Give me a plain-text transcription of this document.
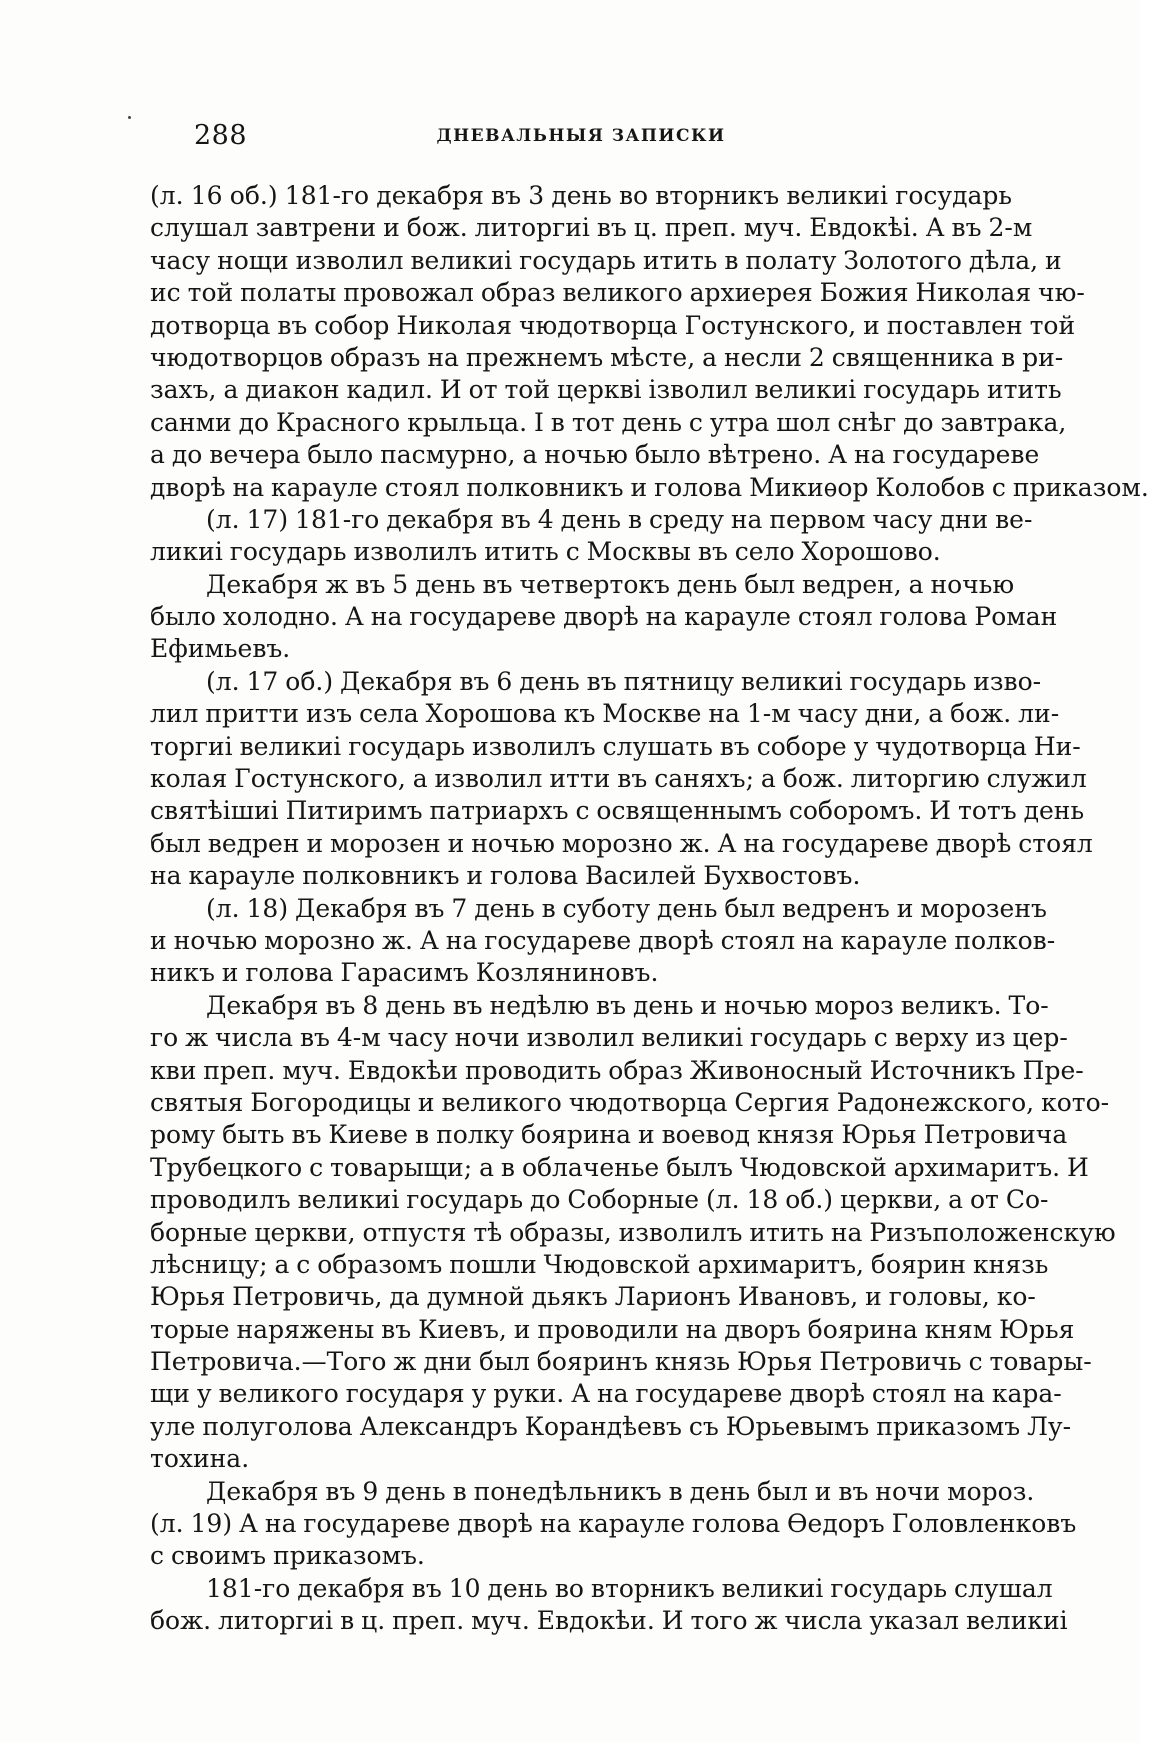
288	ДНЕВАЛЬНЫЯ ЗАПИСКИ
(л. 16 об.) 181-го декабря въ 3 день во вторникъ великиі государь
слушал завтрени и бож. литоргиі въ ц. преп. муч. Евдокѣі. А въ 2-м
часу нощи изволил великиі государь итить в полату Золотого дѣла, и
ис той полаты провожал образ великого архиерея Божия Николая чю-
дотворца въ собор Николая чюдотворца Гостунского, и поставлен той
чюдотворцов образъ на прежнемъ мѣсте, а несли 2 священника в ри-
захъ, а диакон кадил. И от той церкві ізволил великиі государь итить
санми до Красного крыльца. І в тот день с утра шол снѣг до завтрака,
а до вечера было пасмурно, а ночью было вѣтрено. А на государеве
дворѣ на карауле стоял полковникъ и голова Микиѳор Колобов с приказом.
(л. 17) 181-го декабря въ 4 день в среду на первом часу дни ве-
ликиі государь изволилъ итить с Москвы въ село Хорошово.
Декабря ж въ 5 день въ четвертокъ день был ведрен, а ночью
было холодно. А на государеве дворѣ на карауле стоял голова Роман
Ефимьевъ.
(л. 17 об.) Декабря въ 6 день въ пятницу великиі государь изво-
лил притти изъ села Хорошова къ Москве на 1-м часу дни, а бож. ли-
торгиі великиі государь изволилъ слушать въ соборе у чудотворца Ни-
колая Гостунского, а изволил итти въ саняхъ; а бож. литоргию служил
святѣішиі Питиримъ патриархъ с освященнымъ соборомъ. И тотъ день
был ведрен и морозен и ночью морозно ж. А на государеве дворѣ стоял
на карауле полковникъ и голова Василей Бухвостовъ.
(л. 18) Декабря въ 7 день в суботу день был ведренъ и морозенъ
и ночью морозно ж. А на государеве дворѣ стоял на карауле полков-
никъ и голова Гарасимъ Козляниновъ.
Декабря въ 8 день въ недѣлю въ день и ночью мороз великъ. То-
го ж числа въ 4-м часу ночи изволил великиі государь с верху из цер-
кви преп. муч. Евдокѣи проводить образ Живоносный Источникъ Пре-
святыя Богородицы и великого чюдотворца Сергия Радонежского, кото-
рому быть въ Киеве в полку боярина и воевод князя Юрья Петровича
Трубецкого с товарыщи; а в облаченье былъ Чюдовской архимаритъ. И
проводилъ великиі государь до Соборные (л. 18 об.) церкви, а от Со-
борные церкви, отпустя тѣ образы, изволилъ итить на Ризъположенскую
лѣсницу; а с образомъ пошли Чюдовской архимаритъ, боярин князь
Юрья Петровичь, да думной дьякъ Ларионъ Ивановъ, и головы, ко-
торые наряжены въ Киевъ, и проводили на дворъ боярина кням Юрья
Петровича.—Того ж дни был бояринъ князь Юрья Петровичь с товары-
щи у великого государя у руки. А на государеве дворѣ стоял на кара-
уле полуголова Александръ Корандѣевъ съ Юрьевымъ приказомъ Лу-
тохина.
Декабря въ 9 день в понедѣльникъ в день был и въ ночи мороз.
(л. 19) А на государеве дворѣ на карауле голова Ѳедоръ Головленковъ
с своимъ приказомъ.
181-го декабря въ 10 день во вторникъ великиі государь слушал
бож. литоргиі в ц. преп. муч. Евдокѣи. И того ж числа указал великиі
